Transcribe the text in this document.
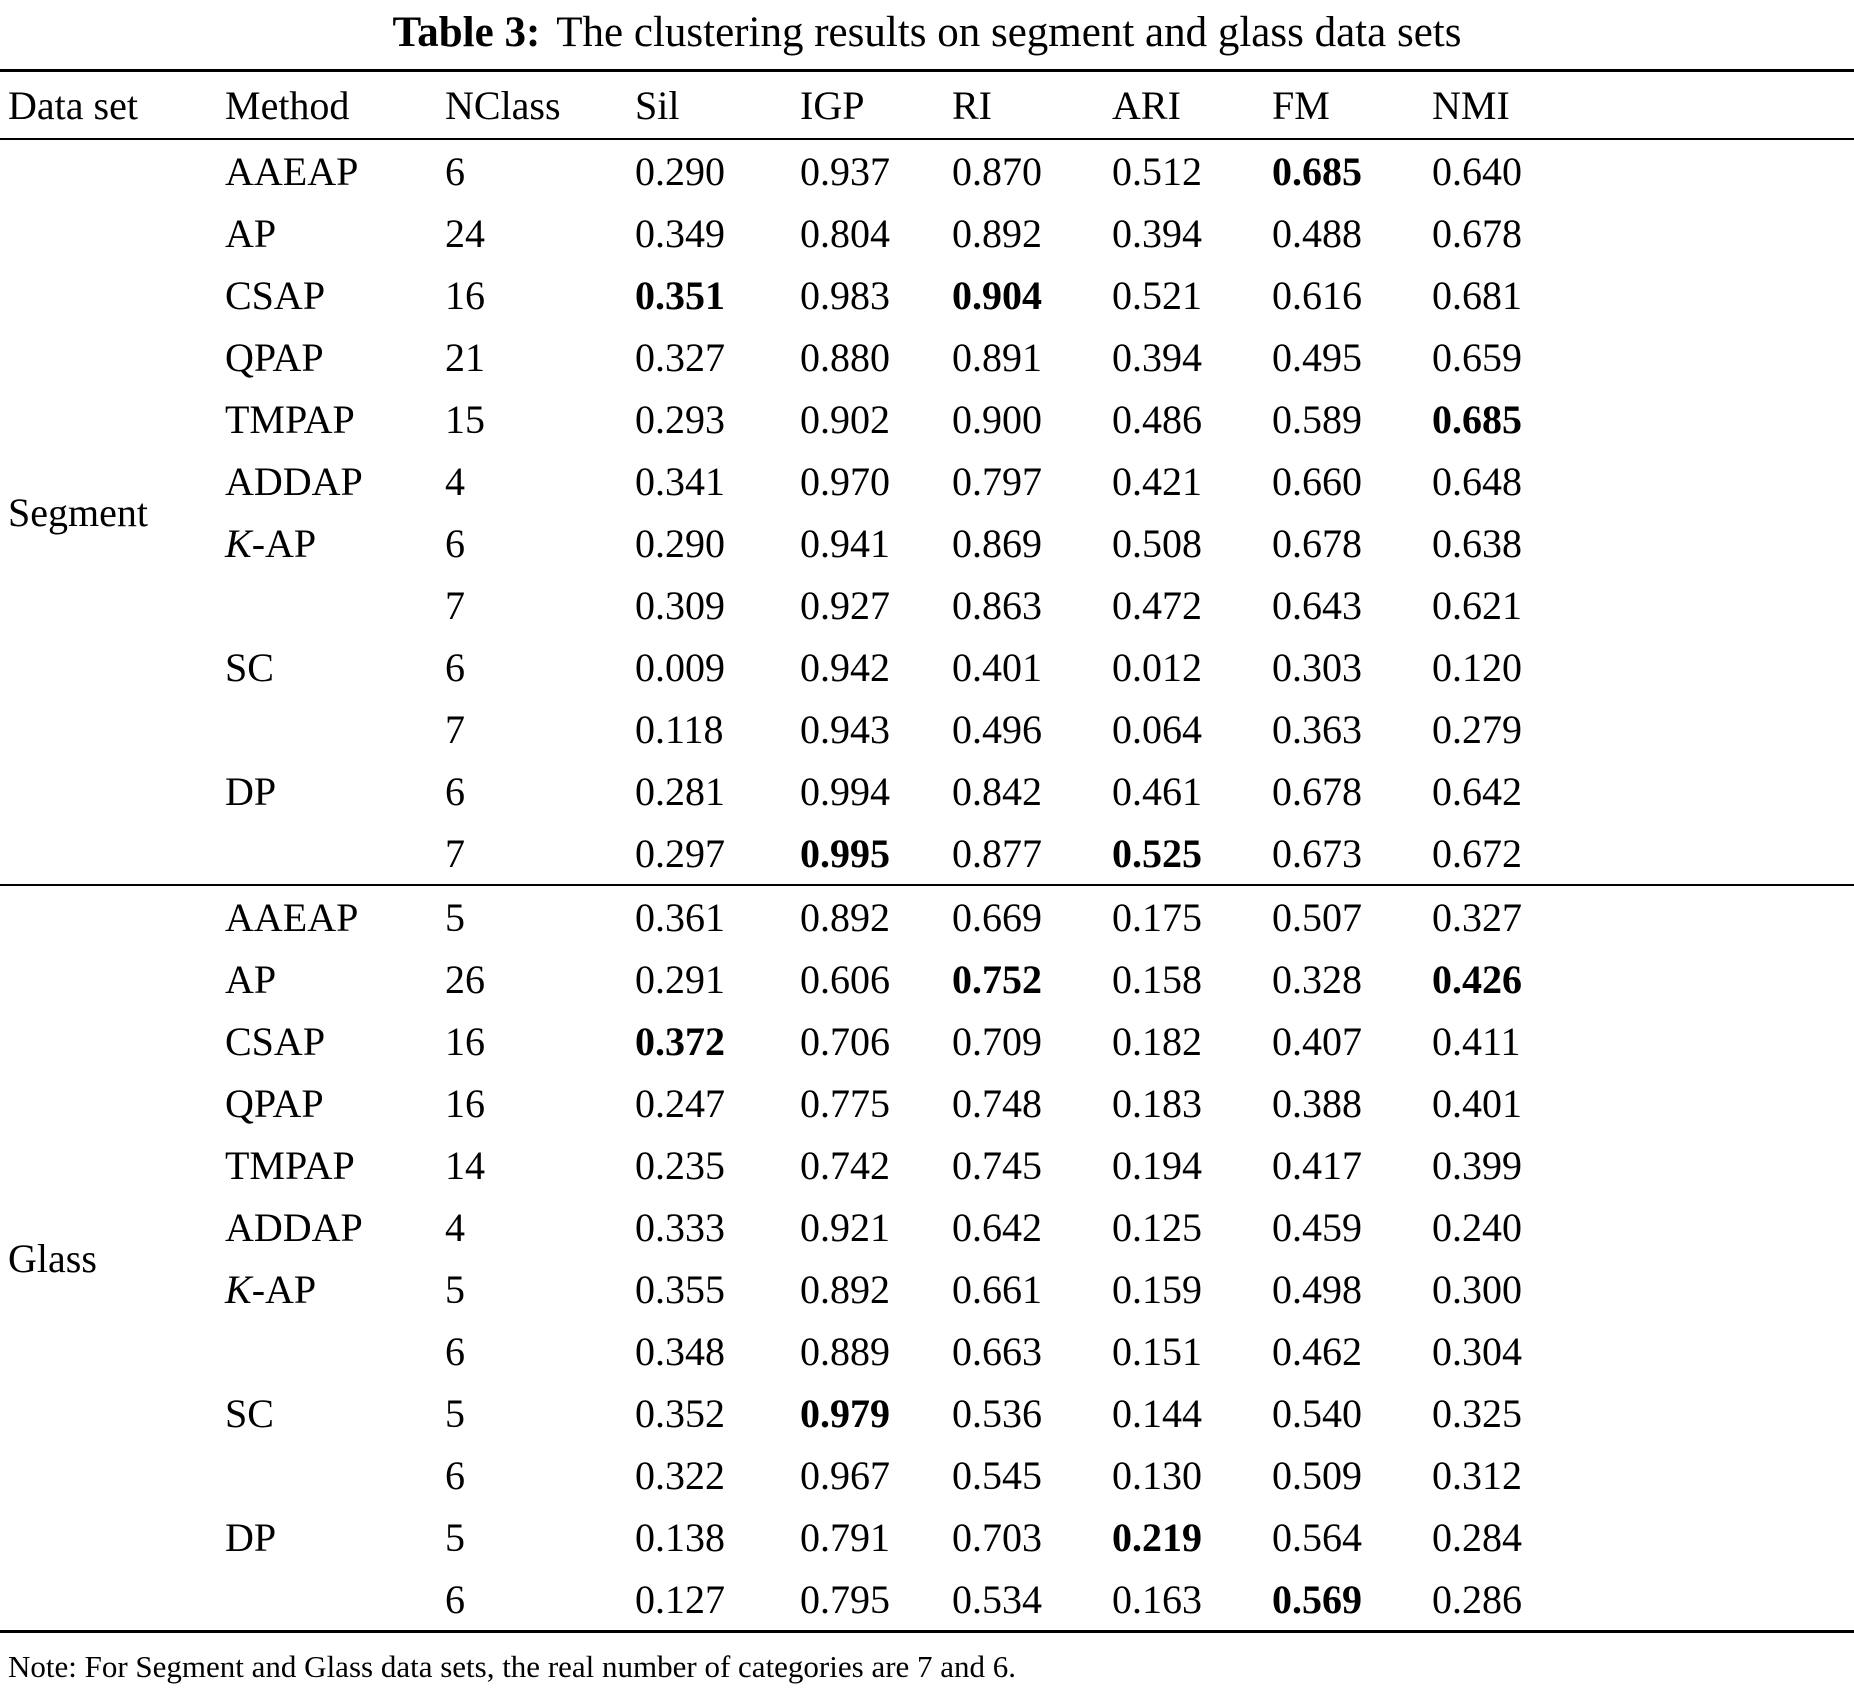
Table 3: The clustering results on segment and glass data sets
Data set	Method	NClass	Sil	IGP	RI	ARI	FM	NMI
Segment	AAEAP	6	0.290	0.937	0.870	0.512	0.685	0.640
	AP	24	0.349	0.804	0.892	0.394	0.488	0.678
	CSAP	16	0.351	0.983	0.904	0.521	0.616	0.681
	QPAP	21	0.327	0.880	0.891	0.394	0.495	0.659
	TMPAP	15	0.293	0.902	0.900	0.486	0.589	0.685
	ADDAP	4	0.341	0.970	0.797	0.421	0.660	0.648
	K-AP	6	0.290	0.941	0.869	0.508	0.678	0.638
		7	0.309	0.927	0.863	0.472	0.643	0.621
	SC	6	0.009	0.942	0.401	0.012	0.303	0.120
		7	0.118	0.943	0.496	0.064	0.363	0.279
	DP	6	0.281	0.994	0.842	0.461	0.678	0.642
		7	0.297	0.995	0.877	0.525	0.673	0.672
Glass	AAEAP	5	0.361	0.892	0.669	0.175	0.507	0.327
	AP	26	0.291	0.606	0.752	0.158	0.328	0.426
	CSAP	16	0.372	0.706	0.709	0.182	0.407	0.411
	QPAP	16	0.247	0.775	0.748	0.183	0.388	0.401
	TMPAP	14	0.235	0.742	0.745	0.194	0.417	0.399
	ADDAP	4	0.333	0.921	0.642	0.125	0.459	0.240
	K-AP	5	0.355	0.892	0.661	0.159	0.498	0.300
		6	0.348	0.889	0.663	0.151	0.462	0.304
	SC	5	0.352	0.979	0.536	0.144	0.540	0.325
		6	0.322	0.967	0.545	0.130	0.509	0.312
	DP	5	0.138	0.791	0.703	0.219	0.564	0.284
		6	0.127	0.795	0.534	0.163	0.569	0.286
Note: For Segment and Glass data sets, the real number of categories are 7 and 6.
